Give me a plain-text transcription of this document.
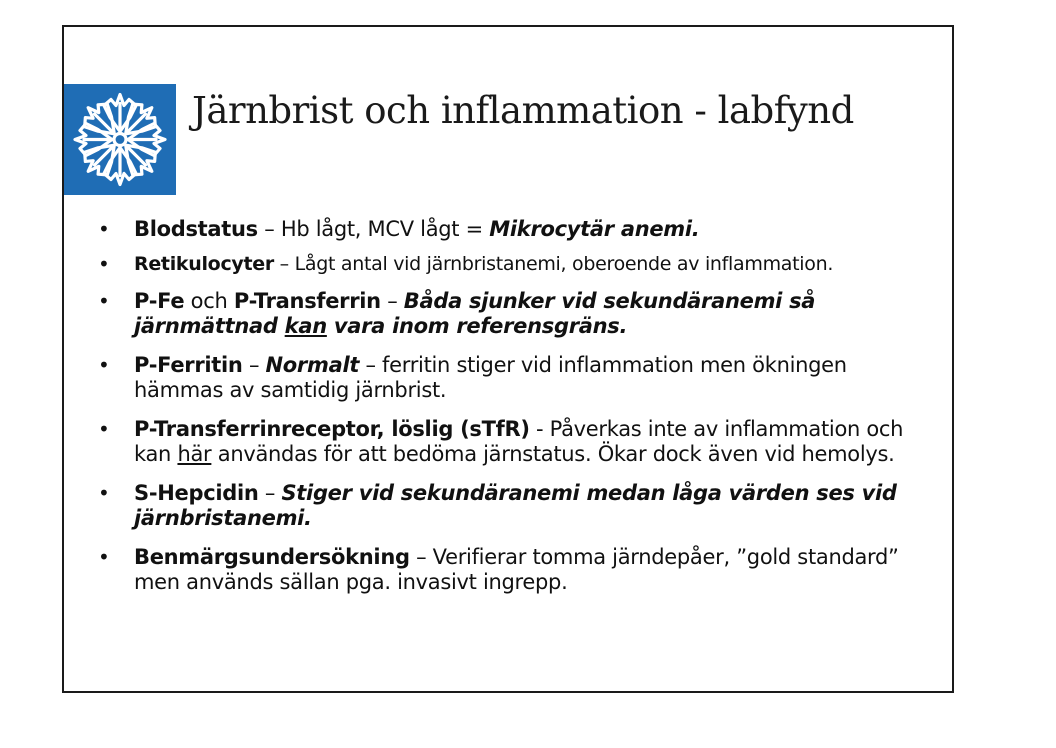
Järnbrist och inflammation - labfynd
• Blodstatus – Hb lågt, MCV lågt = Mikrocytär anemi.
• Retikulocyter – Lågt antal vid järnbristanemi, oberoende av inflammation.
• P-Fe och P-Transferrin – Båda sjunker vid sekundäranemi så järnmättnad kan vara inom referensgräns.
• P-Ferritin – Normalt – ferritin stiger vid inflammation men ökningen hämmas av samtidig järnbrist.
• P-Transferrinreceptor, löslig (sTfR) - Påverkas inte av inflammation och kan här användas för att bedöma järnstatus. Ökar dock även vid hemolys.
• S-Hepcidin – Stiger vid sekundäranemi medan låga värden ses vid järnbristanemi.
• Benmärgsundersökning – Verifierar tomma järndepåer, ”gold standard” men används sällan pga. invasivt ingrepp.
